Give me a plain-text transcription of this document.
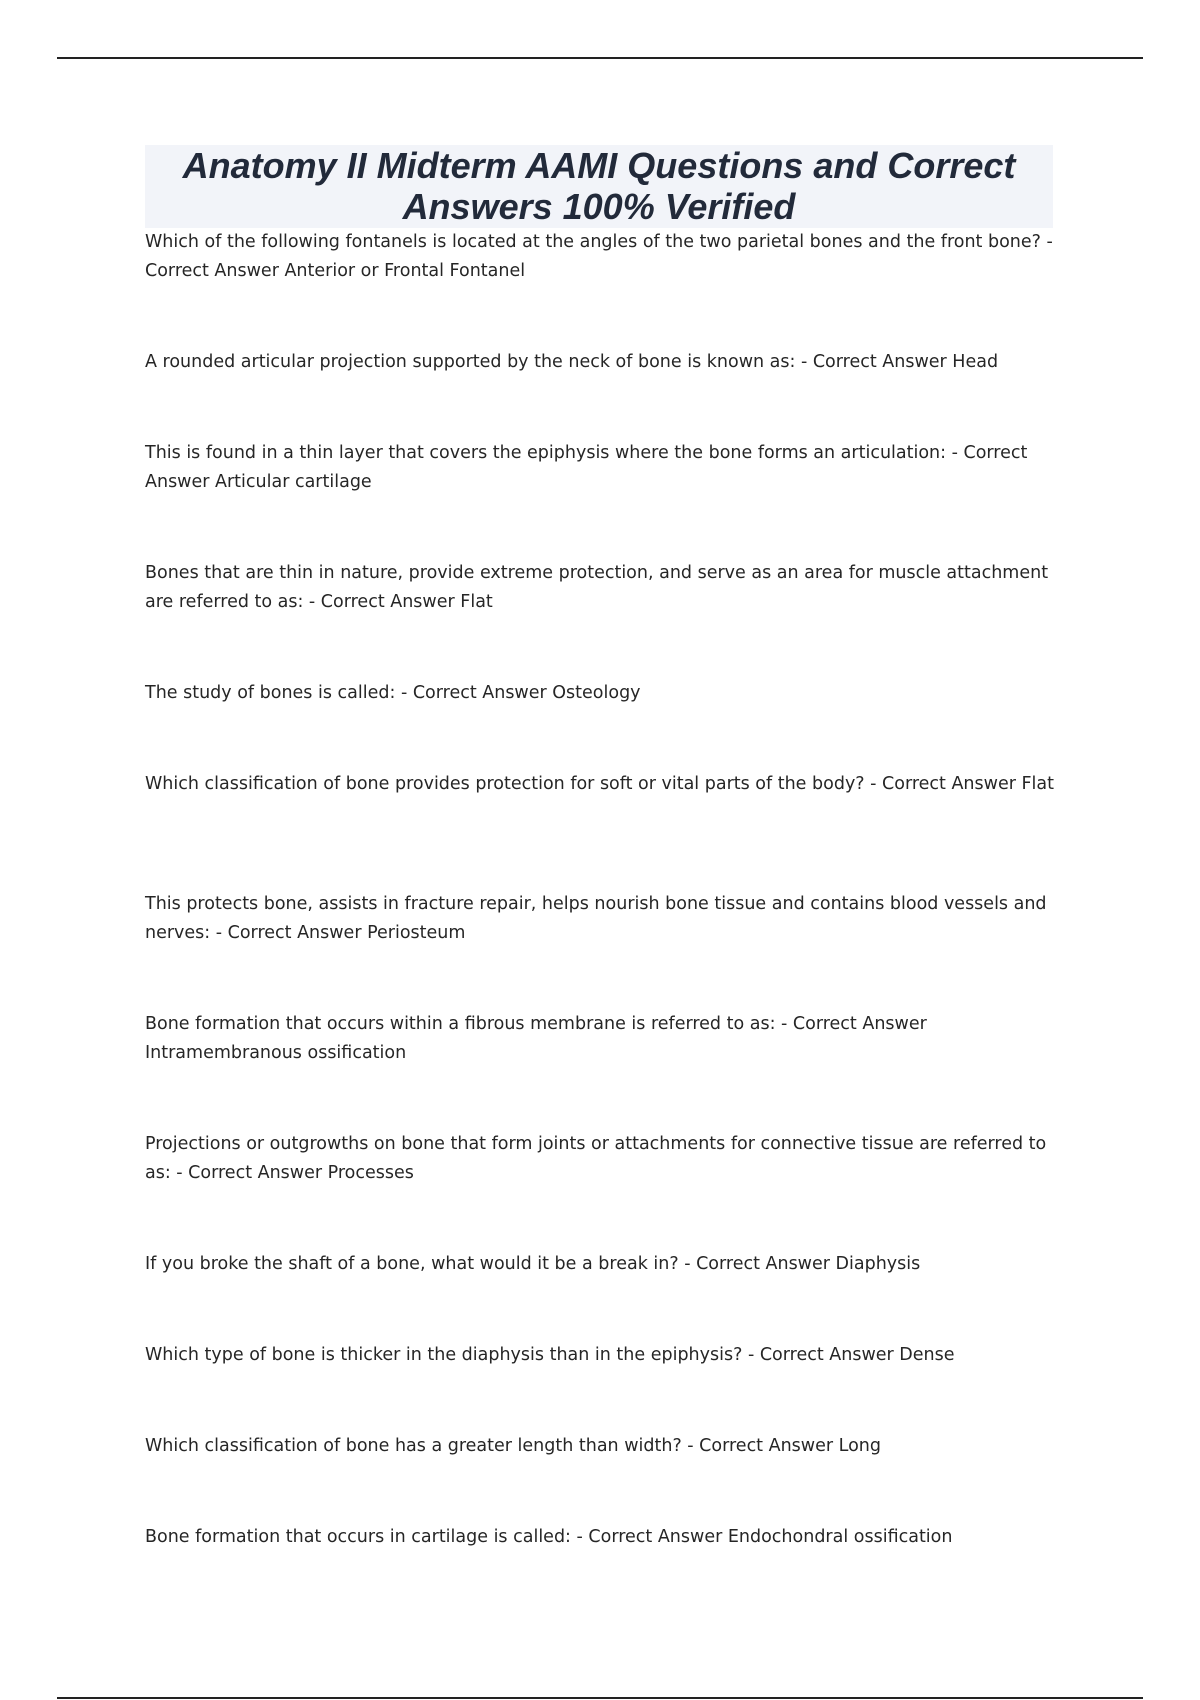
Anatomy II Midterm AAMI Questions and Correct Answers 100% Verified

Which of the following fontanels is located at the angles of the two parietal bones and the front bone? - Correct Answer Anterior or Frontal Fontanel

A rounded articular projection supported by the neck of bone is known as: - Correct Answer Head

This is found in a thin layer that covers the epiphysis where the bone forms an articulation: - Correct Answer Articular cartilage

Bones that are thin in nature, provide extreme protection, and serve as an area for muscle attachment are referred to as: - Correct Answer Flat

The study of bones is called: - Correct Answer Osteology

Which classification of bone provides protection for soft or vital parts of the body? - Correct Answer Flat

This protects bone, assists in fracture repair, helps nourish bone tissue and contains blood vessels and nerves: - Correct Answer Periosteum

Bone formation that occurs within a fibrous membrane is referred to as: - Correct Answer Intramembranous ossification

Projections or outgrowths on bone that form joints or attachments for connective tissue are referred to as: - Correct Answer Processes

If you broke the shaft of a bone, what would it be a break in? - Correct Answer Diaphysis

Which type of bone is thicker in the diaphysis than in the epiphysis? - Correct Answer Dense

Which classification of bone has a greater length than width? - Correct Answer Long

Bone formation that occurs in cartilage is called: - Correct Answer Endochondral ossification
